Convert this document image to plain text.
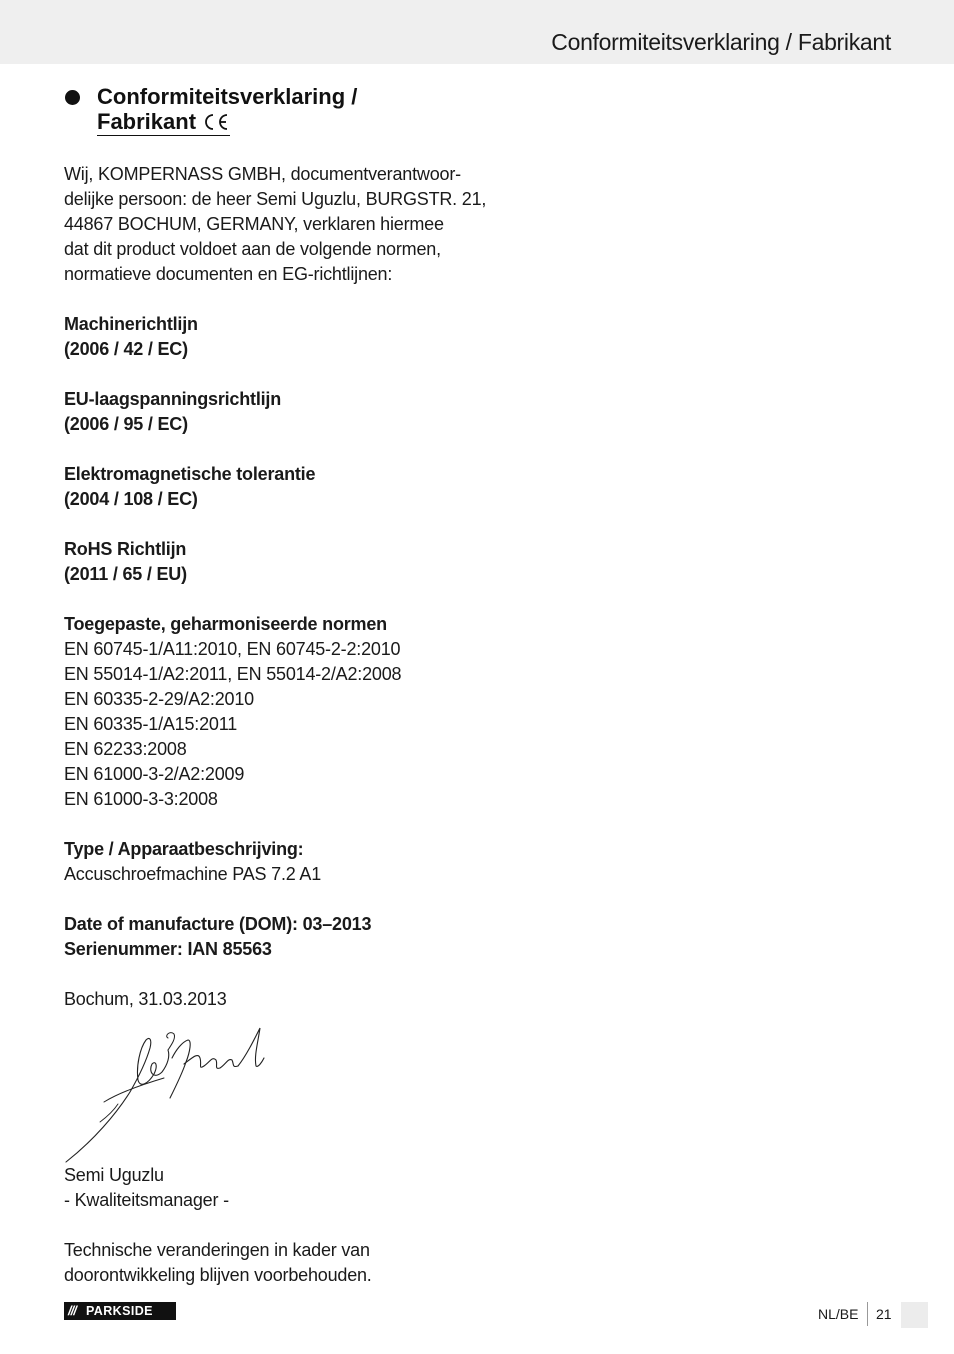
Conformiteitsverklaring / Fabrikant
Conformiteitsverklaring /
Fabrikant

Wij, KOMPERNASS GMBH, documentverantwoor-
delijke persoon: de heer Semi Uguzlu, BURGSTR. 21,
44867 BOCHUM, GERMANY, verklaren hiermee
dat dit product voldoet aan de volgende normen,
normatieve documenten en EG-richtlijnen:

Machinerichtlijn
(2006 / 42 / EC)

EU-laagspanningsrichtlijn
(2006 / 95 / EC)

Elektromagnetische tolerantie
(2004 / 108 / EC)

RoHS Richtlijn
(2011 / 65 / EU)

Toegepaste, geharmoniseerde normen
EN 60745-1/A11:2010, EN 60745-2-2:2010
EN 55014-1/A2:2011, EN 55014-2/A2:2008
EN 60335-2-29/A2:2010
EN 60335-1/A15:2011
EN 62233:2008
EN 61000-3-2/A2:2009
EN 61000-3-3:2008

Type / Apparaatbeschrijving:
Accuschroefmachine PAS 7.2 A1

Date of manufacture (DOM): 03–2013
Serienummer: IAN 85563

Bochum, 31.03.2013

Semi Uguzlu
- Kwaliteitsmanager -
Technische veranderingen in kader van
doorontwikkeling blijven voorbehouden.
/// PARKSIDE	NL/BE 21
